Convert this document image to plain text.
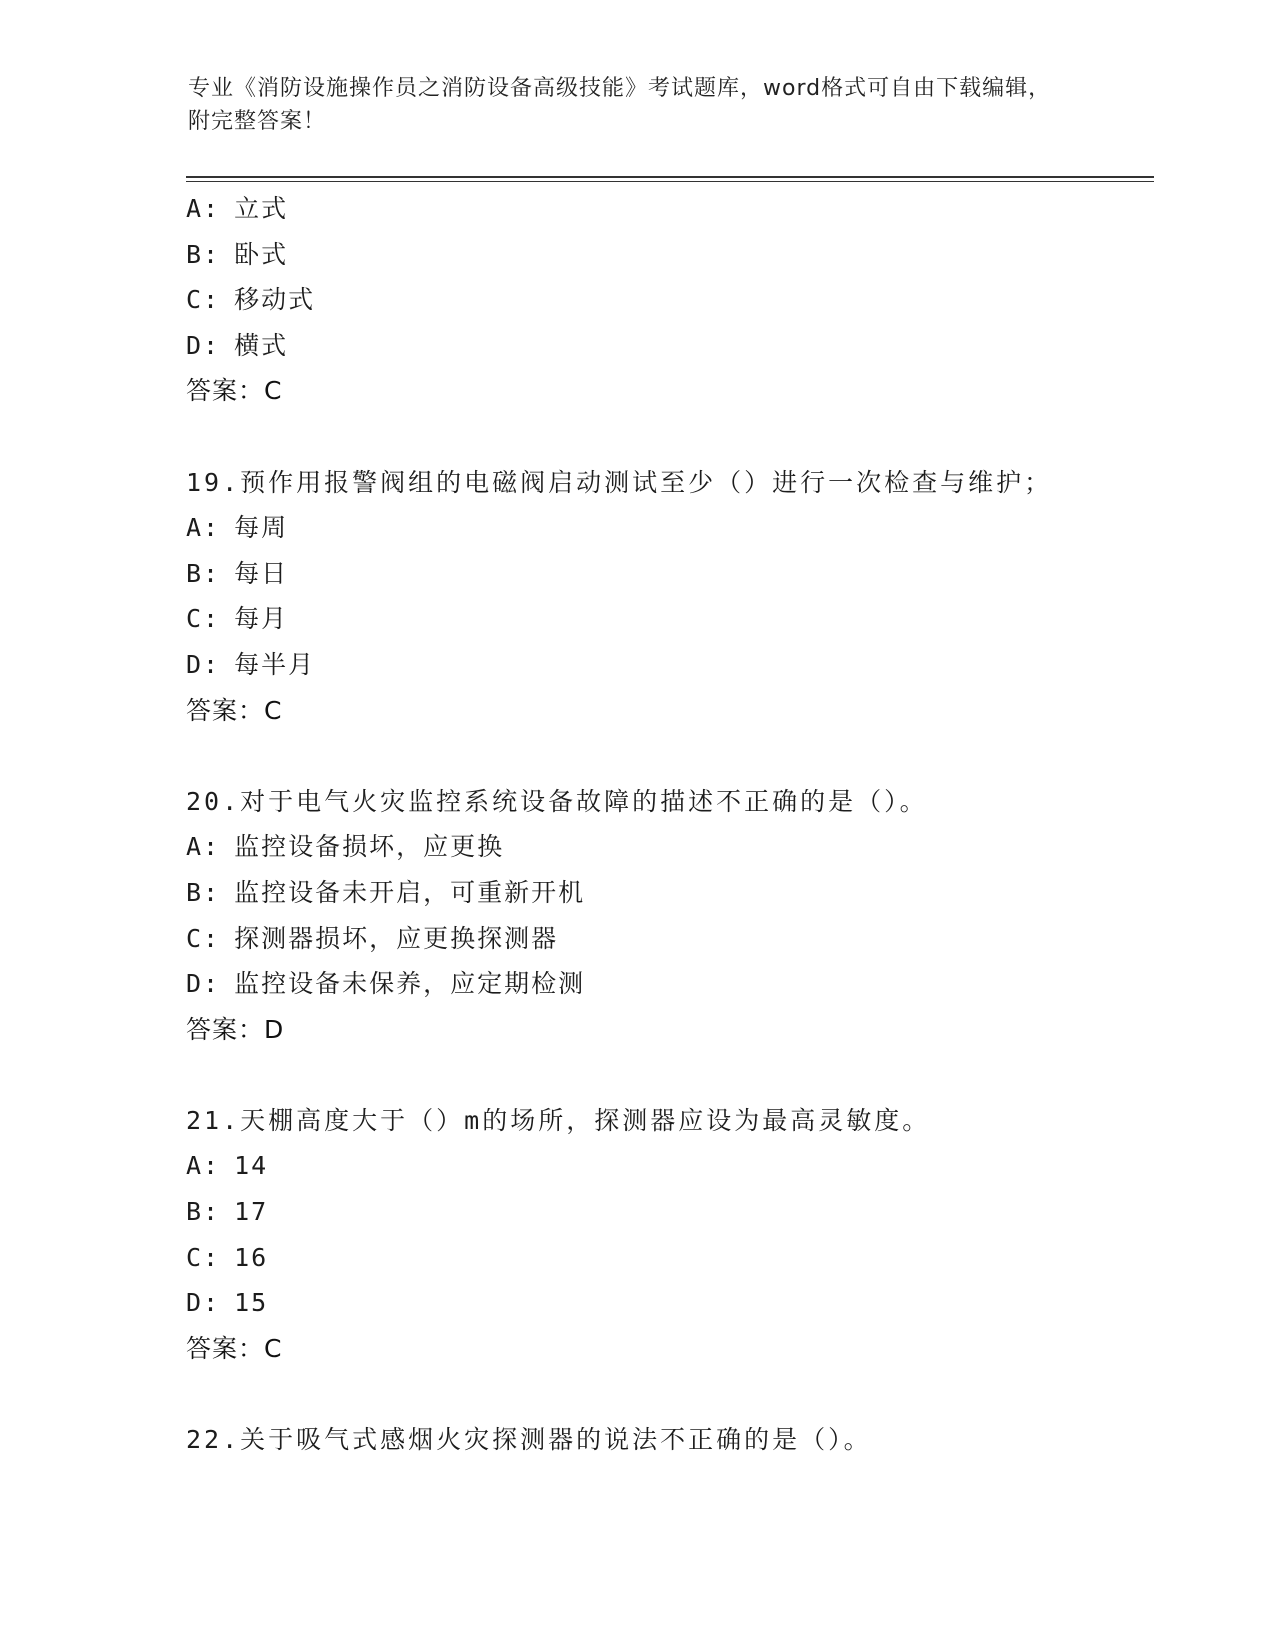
专业《消防设施操作员之消防设备高级技能》考试题库，word格式可自由下载编辑，附完整答案！
A: 立式
B: 卧式
C: 移动式
D: 横式
答案：C
19.预作用报警阀组的电磁阀启动测试至少（）进行一次检查与维护；
A: 每周
B: 每日
C: 每月
D: 每半月
答案：C
20.对于电气火灾监控系统设备故障的描述不正确的是（）。
A: 监控设备损坏，应更换
B: 监控设备未开启，可重新开机
C: 探测器损坏，应更换探测器
D: 监控设备未保养，应定期检测
答案：D
21.天棚高度大于（）m的场所，探测器应设为最高灵敏度。
A: 14
B: 17
C: 16
D: 15
答案：C
22.关于吸气式感烟火灾探测器的说法不正确的是（）。
